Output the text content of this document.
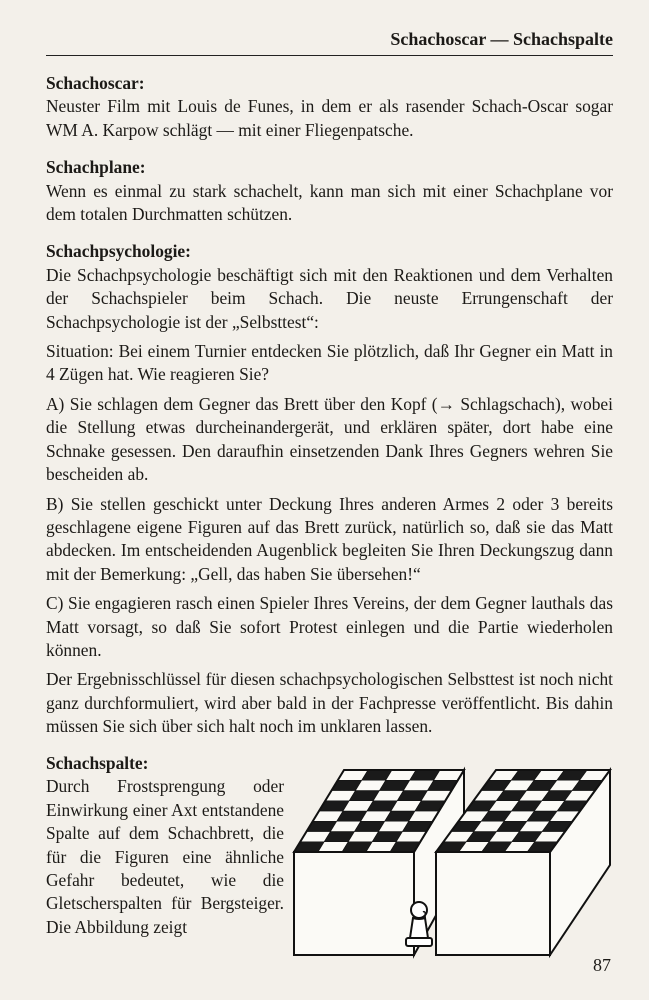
Schachoscar — Schachspalte
Schachoscar:
Neuster Film mit Louis de Funes, in dem er als rasender Schach-Oscar sogar WM A. Karpow schlägt — mit einer Fliegenpatsche.
Schachplane:
Wenn es einmal zu stark schachelt, kann man sich mit einer Schachplane vor dem totalen Durchmatten schützen.
Schachpsychologie:
Die Schachpsychologie beschäftigt sich mit den Reaktionen und dem Verhalten der Schachspieler beim Schach. Die neuste Errungenschaft der Schachpsychologie ist der „Selbsttest“:
Situation: Bei einem Turnier entdecken Sie plötzlich, daß Ihr Gegner ein Matt in 4 Zügen hat. Wie reagieren Sie?
A) Sie schlagen dem Gegner das Brett über den Kopf (→ Schlagschach), wobei die Stellung etwas durcheinandergerät, und erklären später, dort habe eine Schnake gesessen. Den daraufhin einsetzenden Dank Ihres Gegners wehren Sie bescheiden ab.
B) Sie stellen geschickt unter Deckung Ihres anderen Armes 2 oder 3 bereits geschlagene eigene Figuren auf das Brett zurück, natürlich so, daß sie das Matt abdecken. Im entscheidenden Augenblick begleiten Sie Ihren Deckungszug dann mit der Bemerkung: „Gell, das haben Sie übersehen!“
C) Sie engagieren rasch einen Spieler Ihres Vereins, der dem Gegner lauthals das Matt vorsagt, so daß Sie sofort Protest einlegen und die Partie wiederholen können.
Der Ergebnisschlüssel für diesen schachpsychologischen Selbsttest ist noch nicht ganz durchformuliert, wird aber bald in der Fachpresse veröffentlicht. Bis dahin müssen Sie sich über sich halt noch im unklaren lassen.
Schachspalte:
Durch Frostsprengung oder Einwirkung einer Axt entstandene Spalte auf dem Schachbrett, die für die Figuren eine ähnliche Gefahr bedeutet, wie die Gletscherspalten für Bergsteiger. Die Abbildung zeigt
87
